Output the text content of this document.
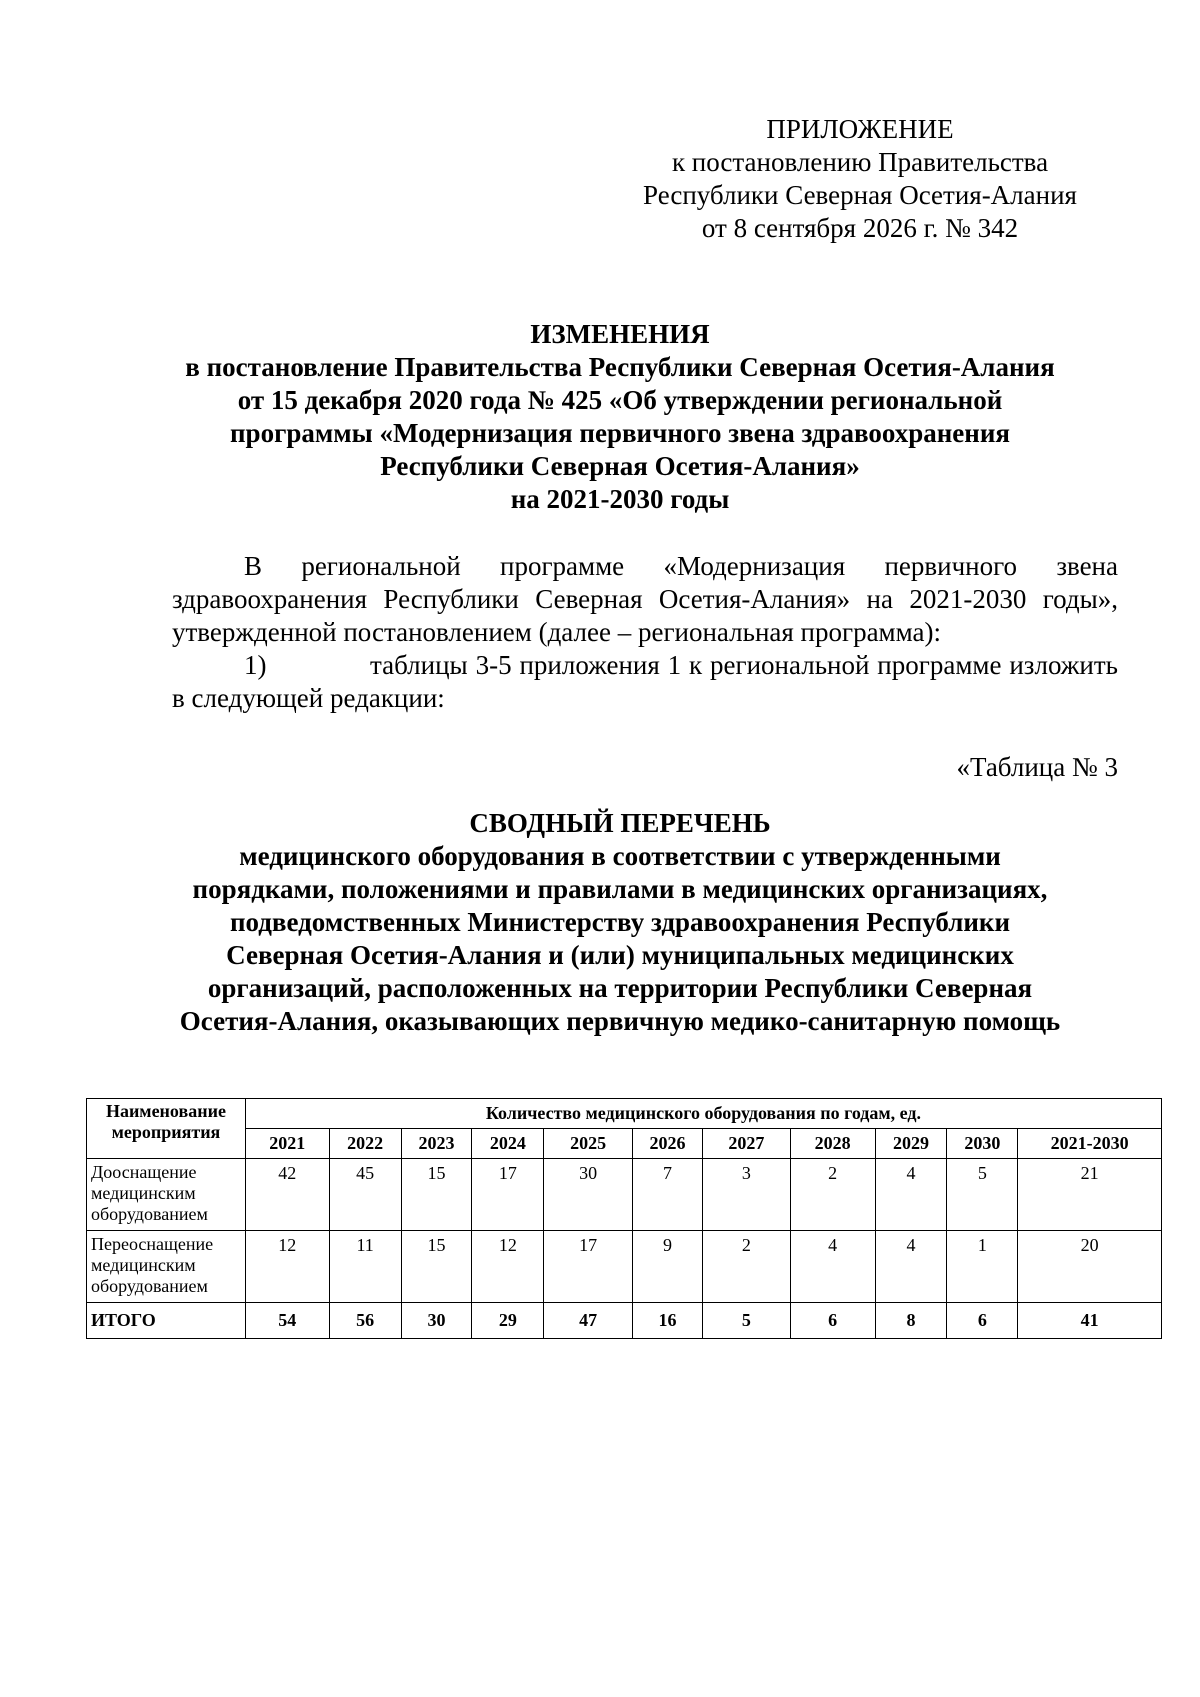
ПРИЛОЖЕНИЕ
к постановлению Правительства
Республики Северная Осетия-Алания
от 8 сентября 2026 г. № 342
ИЗМЕНЕНИЯ
в постановление Правительства Республики Северная Осетия-Алания
от 15 декабря 2020 года № 425 «Об утверждении региональной
программы «Модернизация первичного звена здравоохранения
Республики Северная Осетия-Алания»
на 2021-2030 годы

В региональной программе «Модернизация первичного звена здравоохранения Республики Северная Осетия-Алания» на 2021-2030 годы», утвержденной постановлением (далее – региональная программа):

1)	таблицы 3-5 приложения 1 к региональной программе изложить в следующей редакции:

«Таблица № 3
СВОДНЫЙ ПЕРЕЧЕНЬ
медицинского оборудования в соответствии с утвержденными
порядками, положениями и правилами в медицинских организациях,
подведомственных Министерству здравоохранения Республики
Северная Осетия-Алания и (или) муниципальных медицинских
организаций, расположенных на территории Республики Северная
Осетия-Алания, оказывающих первичную медико-санитарную помощь
Наименование мероприятия	Количество медицинского оборудования по годам, ед.										
	2021	2022	2023	2024	2025	2026	2027	2028	2029	2030	2021-2030
Дооснащение медицинским оборудованием	42	45	15	17	30	7	3	2	4	5	21
Переоснащение медицинским оборудованием	12	11	15	12	17	9	2	4	4	1	20
ИТОГО	54	56	30	29	47	16	5	6	8	6	41
